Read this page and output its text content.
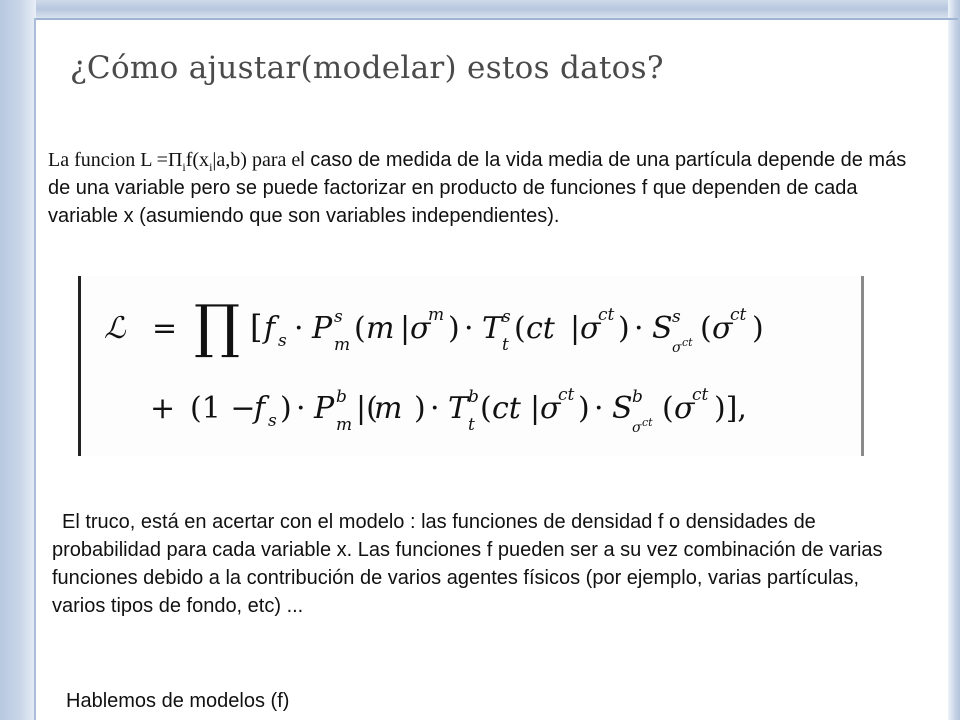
¿Cómo ajustar(modelar) estos datos?

La funcion $L =\Pi_if(x_i|a,b)$ para el caso de medida de la vida media de una partícula depende de más de una variable pero se puede factorizar en producto de funciones f que dependen de cada variable x (asumiendo que son variables independientes).

ℒ = ∏ [ f s · P s
m ( m | σ
m ) · T s
t ( ct | σ
ct ) · S s
σ ct ( σ
ct )
+ (1 −
f s ) · P b
m |(
m ) · T b
t ( ct | σ
ct ) · S b
σ ct ( σ
ct )],

El truco, está en acertar con el modelo : las funciones de densidad f o densidades de probabilidad para cada variable x. Las funciones f pueden ser a su vez combinación de varias funciones debido a la contribución de varios agentes físicos (por ejemplo, varias partículas, varios tipos de fondo, etc) ...

Hablemos de modelos (f)
